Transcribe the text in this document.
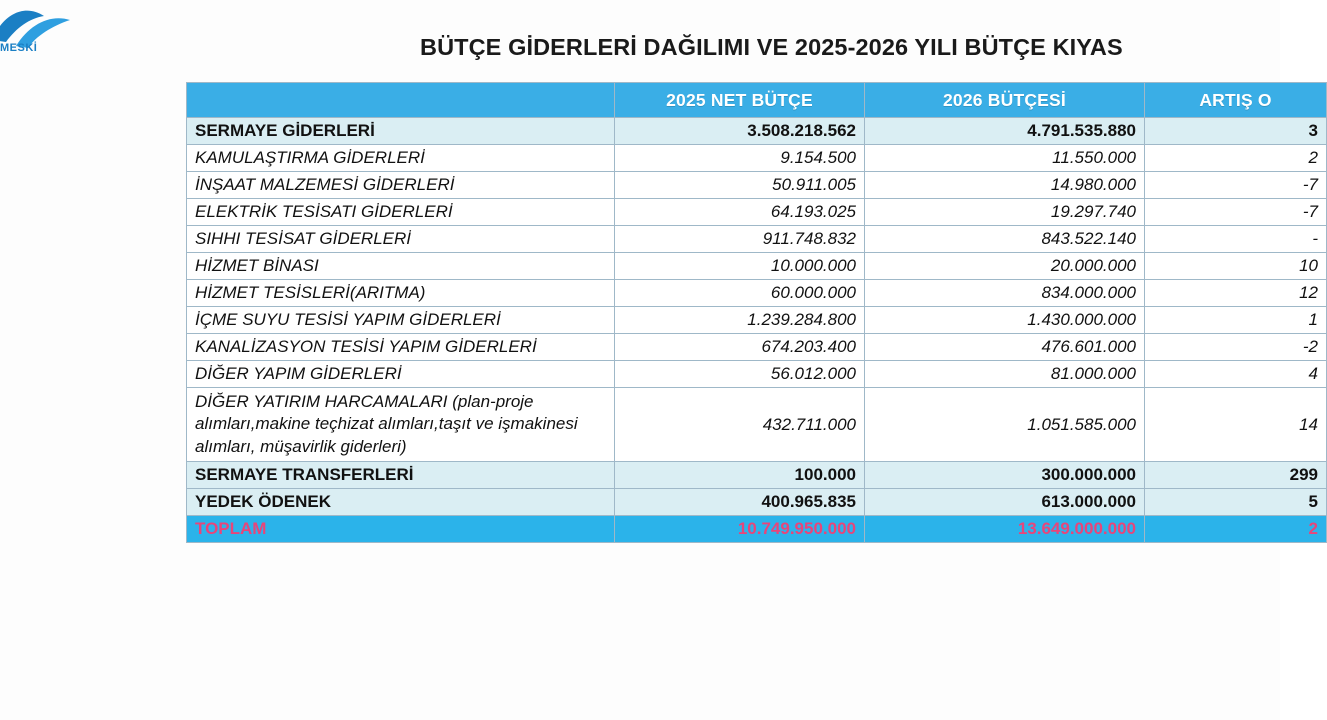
MESKİ	BÜTÇE GİDERLERİ DAĞILIMI VE 2025-2026 YILI BÜTÇE KIYAS
	2025 NET BÜTÇE	2026 BÜTÇESİ	ARTIŞ O
SERMAYE GİDERLERİ	3.508.218.562	4.791.535.880	3
KAMULAŞTIRMA GİDERLERİ	9.154.500	11.550.000	2
İNŞAAT MALZEMESİ GİDERLERİ	50.911.005	14.980.000	-7
ELEKTRİK TESİSATI GİDERLERİ	64.193.025	19.297.740	-7
SIHHI TESİSAT GİDERLERİ	911.748.832	843.522.140	-
HİZMET BİNASI	10.000.000	20.000.000	10
HİZMET TESİSLERİ(ARITMA)	60.000.000	834.000.000	12
İÇME SUYU TESİSİ YAPIM GİDERLERİ	1.239.284.800	1.430.000.000	1
KANALİZASYON TESİSİ YAPIM GİDERLERİ	674.203.400	476.601.000	-2
DİĞER YAPIM GİDERLERİ	56.012.000	81.000.000	4
DİĞER YATIRIM HARCAMALARI (plan-proje alımları,makine teçhizat alımları,taşıt ve işmakinesi alımları, müşavirlik giderleri)	432.711.000	1.051.585.000	14
SERMAYE TRANSFERLERİ	100.000	300.000.000	299
YEDEK ÖDENEK	400.965.835	613.000.000	5
TOPLAM	10.749.950.000	13.649.000.000	2
